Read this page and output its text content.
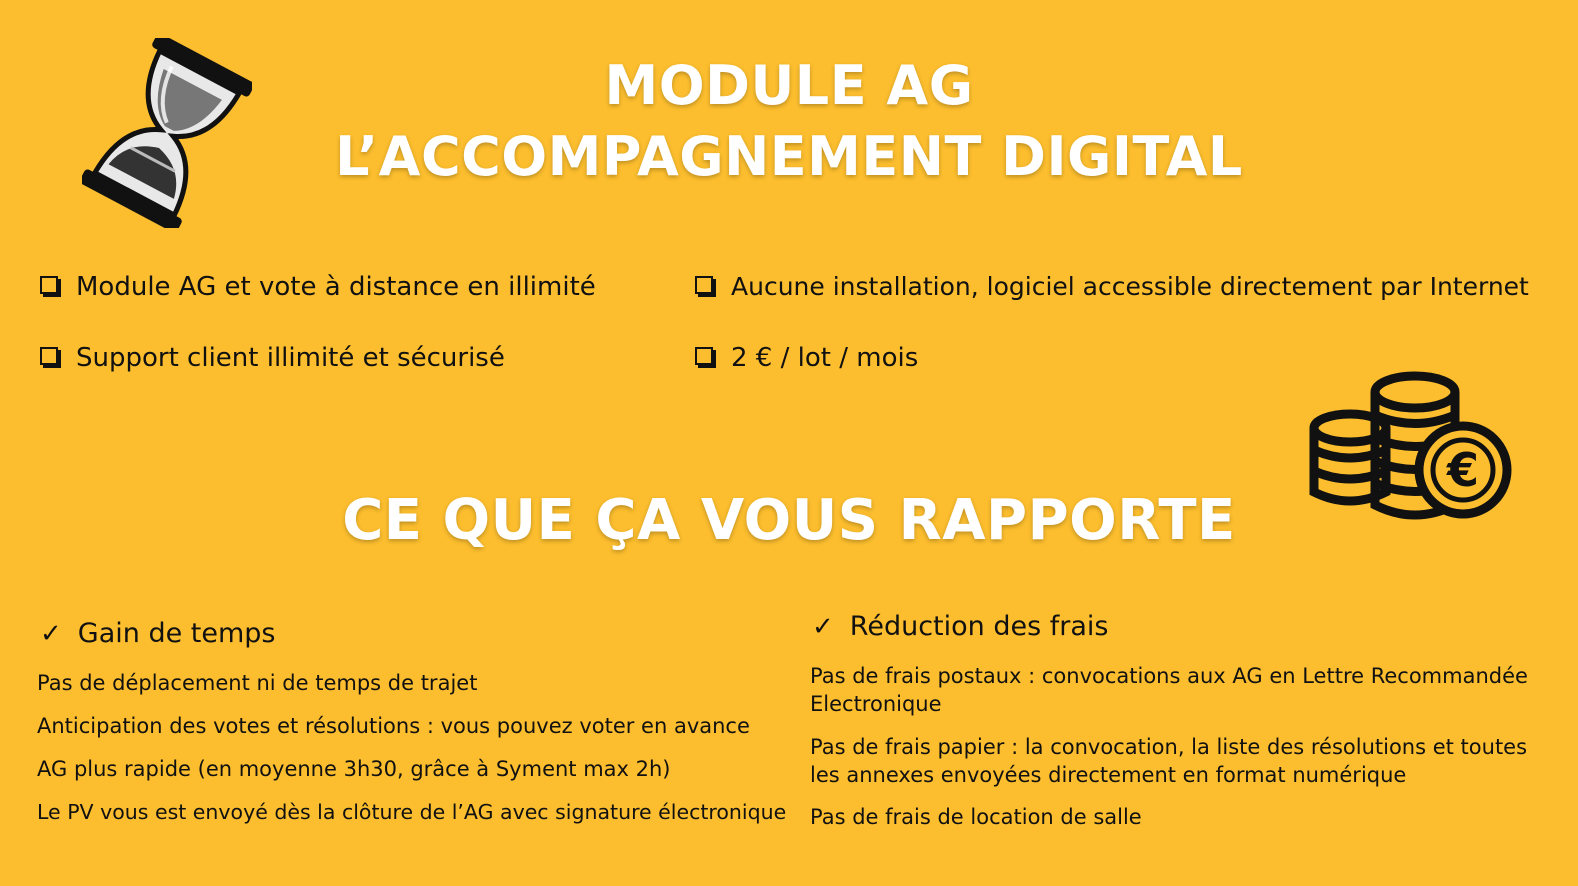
MODULE AG
L’ACCOMPAGNEMENT DIGITAL
Module AG et vote à distance en illimité
Support client illimité et sécurisé
Aucune installation, logiciel accessible directement par Internet
2 € / lot / mois
€
CE QUE ÇA VOUS RAPPORTE
✓ Gain de temps
Pas de déplacement ni de temps de trajet
Anticipation des votes et résolutions : vous pouvez voter en avance
AG plus rapide (en moyenne 3h30, grâce à Syment max 2h)
Le PV vous est envoyé dès la clôture de l’AG avec signature électronique
✓ Réduction des frais
Pas de frais postaux : convocations aux AG en Lettre Recommandée Electronique
Pas de frais papier : la convocation, la liste des résolutions et toutes les annexes envoyées directement en format numérique
Pas de frais de location de salle
